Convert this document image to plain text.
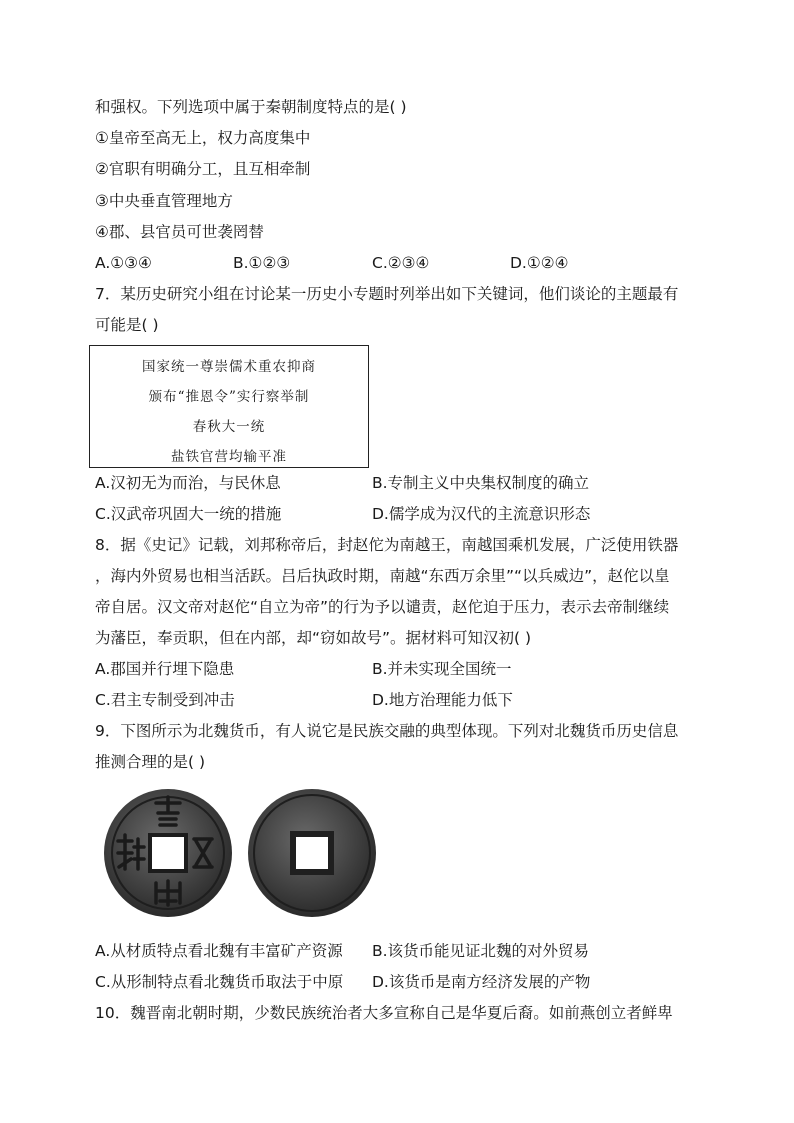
和强权。下列选项中属于秦朝制度特点的是( )
①皇帝至高无上，权力高度集中
②官职有明确分工，且互相牵制
③中央垂直管理地方
④郡、县官员可世袭罔替
A.①③④	B.①②③	C.②③④	D.①②④
7．某历史研究小组在讨论某一历史小专题时列举出如下关键词，他们谈论的主题最有
可能是( )
国家统一尊崇儒术重农抑商
颁布“推恩令”实行察举制
春秋大一统
盐铁官营均输平准
A.汉初无为而治，与民休息	B.专制主义中央集权制度的确立
C.汉武帝巩固大一统的措施	D.儒学成为汉代的主流意识形态
8．据《史记》记载，刘邦称帝后，封赵佗为南越王，南越国乘机发展，广泛使用铁器
，海内外贸易也相当活跃。吕后执政时期，南越“东西万余里”“以兵威边”，赵佗以皇
帝自居。汉文帝对赵佗“自立为帝”的行为予以谴责，赵佗迫于压力，表示去帝制继续
为藩臣，奉贡职，但在内部，却“窃如故号”。据材料可知汉初( )
A.郡国并行埋下隐患	B.并未实现全国统一
C.君主专制受到冲击	D.地方治理能力低下
9．下图所示为北魏货币，有人说它是民族交融的典型体现。下列对北魏货币历史信息
推测合理的是( )
A.从材质特点看北魏有丰富矿产资源 B.该货币能见证北魏的对外贸易
C.从形制特点看北魏货币取法于中原 D.该货币是南方经济发展的产物
10．魏晋南北朝时期，少数民族统治者大多宣称自己是华夏后裔。如前燕创立者鲜卑
